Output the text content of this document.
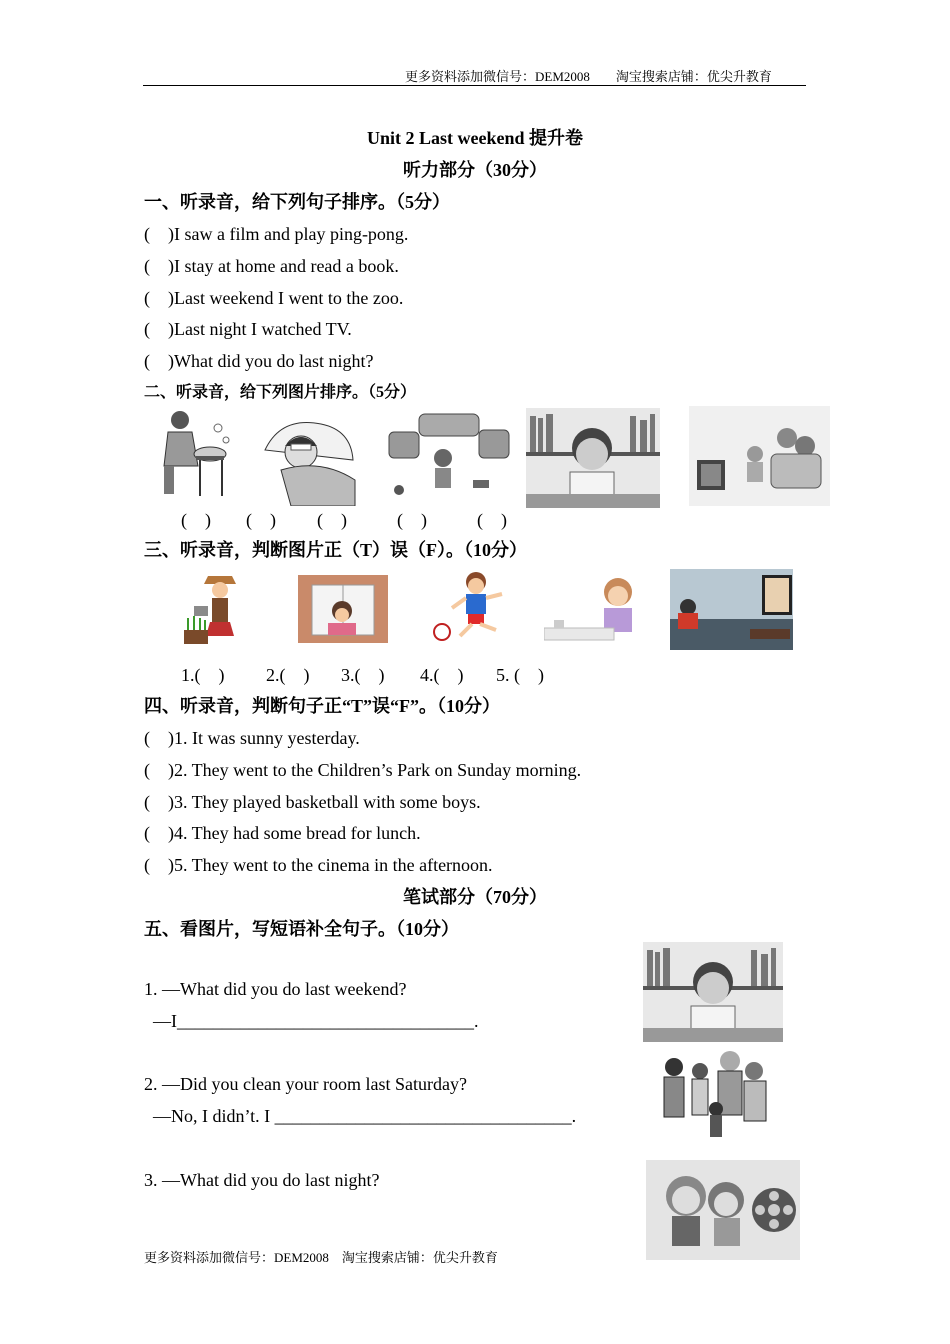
更多资料添加微信号：DEM2008　　淘宝搜索店铺：优尖升教育
Unit 2 Last weekend 提升卷
听力部分（30分）
一、听录音，给下列句子排序。（5分）
(　)I saw a film and play ping-pong.
(　)I stay at home and read a book.
(　)Last weekend I went to the zoo.
(　)Last night I watched TV.
(　)What did you do last night?
二、听录音，给下列图片排序。（5分）
(　) (　) (　)	(　)	(　)
三、听录音，判断图片正（T）误（F）。（10分）
1.(　) 2.(　) 3.(　) 4.(　) 5. (　)
四、听录音，判断句子正“T”误“F”。（10分）
(　)1. It was sunny yesterday.
(　)2. They went to the Children’s Park on Sunday morning.
(　)3. They played basketball with some boys.
(　)4. They had some bread for lunch.
(　)5. They went to the cinema in the afternoon.
笔试部分（70分）
五、看图片，写短语补全句子。（10分）
1. —What did you do last weekend?
—I_________________________________.
2. —Did you clean your room last Saturday?
—No, I didn’t. I _________________________________.
3. —What did you do last night?
更多资料添加微信号：DEM2008　淘宝搜索店铺：优尖升教育
